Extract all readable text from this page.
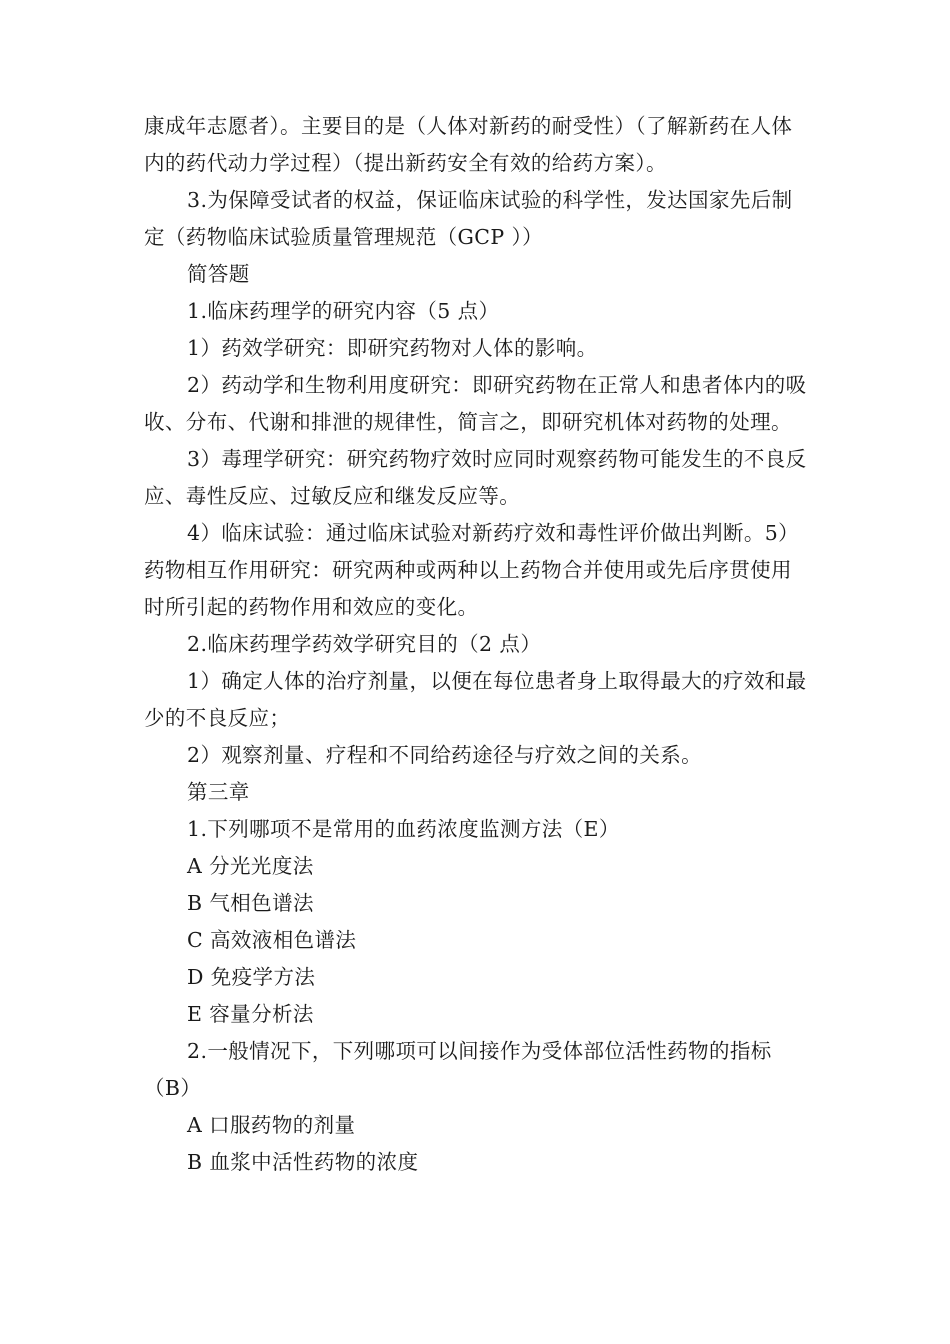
康成年志愿者）。主要目的是（人体对新药的耐受性）（了解新药在人体内的药代动力学过程）（提出新药安全有效的给药方案）。

3.为保障受试者的权益，保证临床试验的科学性，发达国家先后制定（药物临床试验质量管理规范（GCP ））

简答题

1.临床药理学的研究内容（5 点）

1）药效学研究：即研究药物对人体的影响。

2）药动学和生物利用度研究：即研究药物在正常人和患者体内的吸收、分布、代谢和排泄的规律性，简言之，即研究机体对药物的处理。

3）毒理学研究：研究药物疗效时应同时观察药物可能发生的不良反应、毒性反应、过敏反应和继发反应等。

4）临床试验：通过临床试验对新药疗效和毒性评价做出判断。5）药物相互作用研究：研究两种或两种以上药物合并使用或先后序贯使用时所引起的药物作用和效应的变化。

2.临床药理学药效学研究目的（2 点）

1）确定人体的治疗剂量，以便在每位患者身上取得最大的疗效和最少的不良反应；

2）观察剂量、疗程和不同给药途径与疗效之间的关系。

第三章

1.下列哪项不是常用的血药浓度监测方法（E）

A 分光光度法

B 气相色谱法

C 高效液相色谱法

D 免疫学方法

E 容量分析法

2.一般情况下，下列哪项可以间接作为受体部位活性药物的指标（B）

A 口服药物的剂量

B 血浆中活性药物的浓度
